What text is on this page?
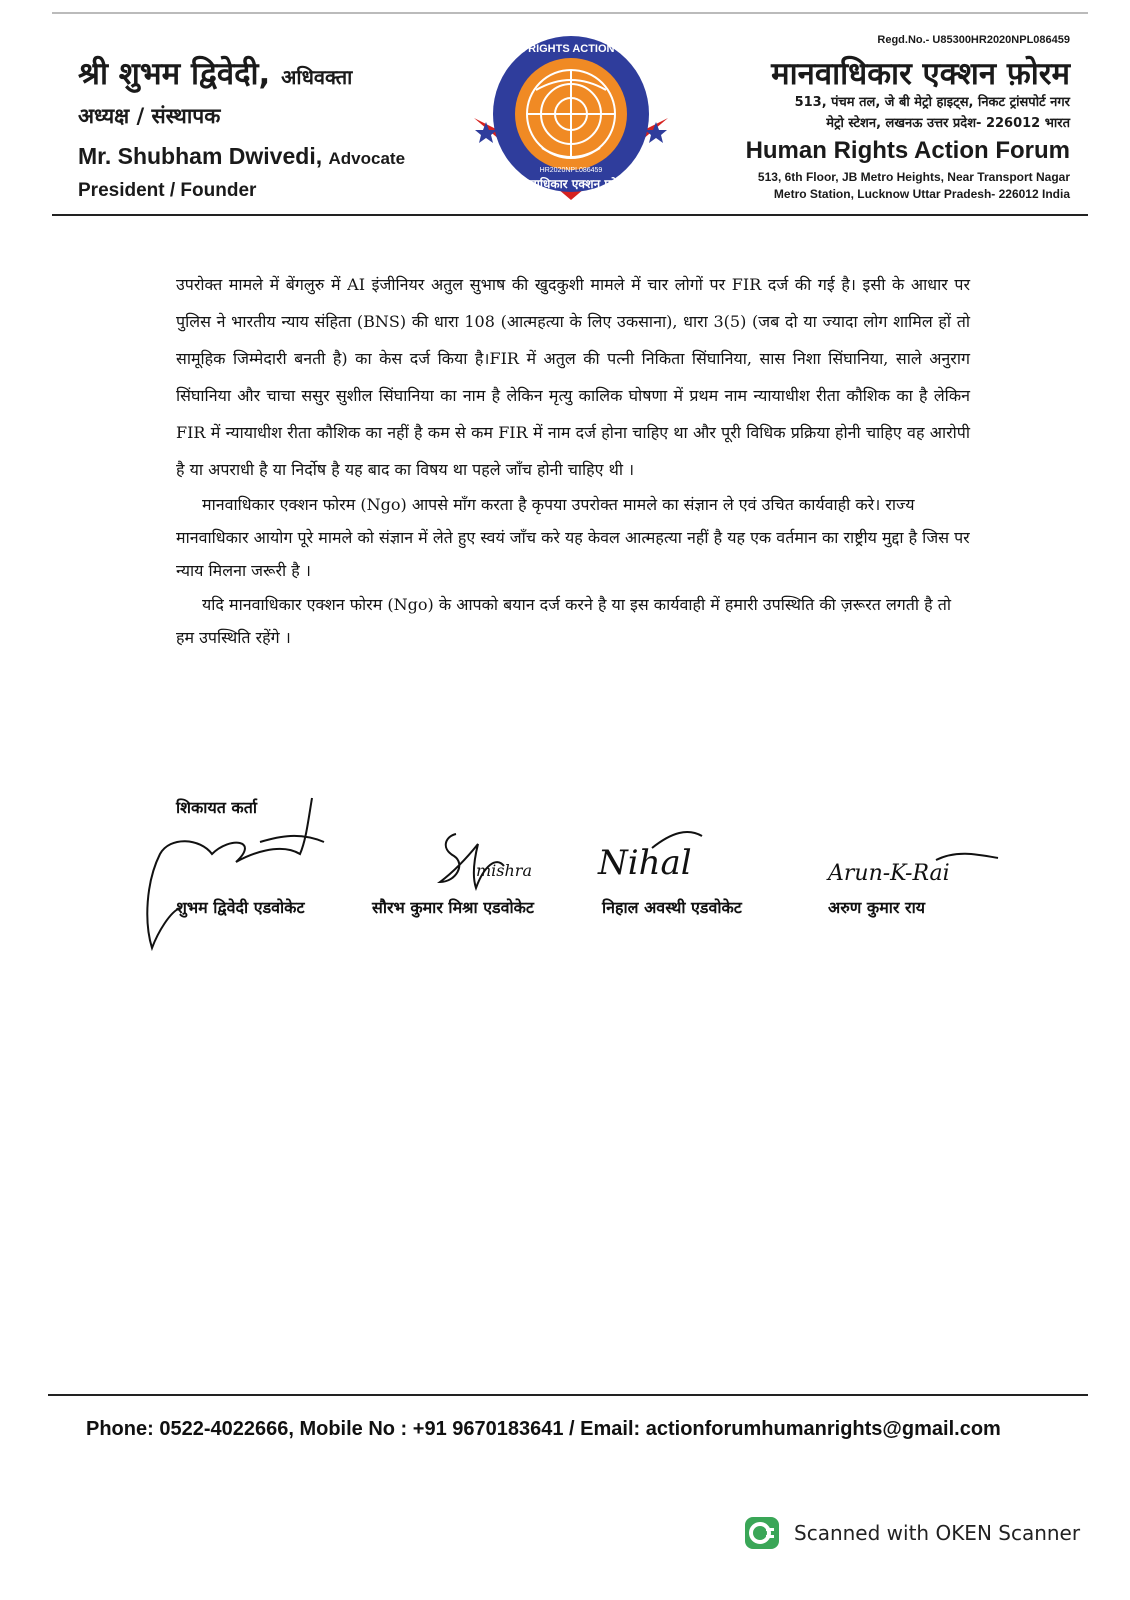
श्री शुभम द्विवेदी, अधिवक्ता
अध्यक्ष / संस्थापक
Mr. Shubham Dwivedi, Advocate
President / Founder
HUMAN RIGHTS ACTION FORUM
मानवाधिकार एक्शन फ़ोरम
HR2020NPL086459
Regd.No.- U85300HR2020NPL086459
मानवाधिकार एक्शन फ़ोरम
513, पंचम तल, जे बी मेट्रो हाइट्स, निकट ट्रांसपोर्ट नगर
मेट्रो स्टेशन, लखनऊ उत्तर प्रदेश- 226012 भारत
Human Rights Action Forum
513, 6th Floor, JB Metro Heights, Near Transport Nagar
Metro Station, Lucknow Uttar Pradesh- 226012 India

उपरोक्त मामले में बेंगलुरु में AI इंजीनियर अतुल सुभाष की खुदकुशी मामले में चार लोगों पर FIR दर्ज की गई है। इसी के आधार पर पुलिस ने भारतीय न्याय संहिता (BNS) की धारा 108 (आत्महत्या के लिए उकसाना), धारा 3(5) (जब दो या ज्यादा लोग शामिल हों तो सामूहिक जिम्मेदारी बनती है) का केस दर्ज किया है।FIR में अतुल की पत्नी निकिता सिंघानिया, सास निशा सिंघानिया, साले अनुराग सिंघानिया और चाचा ससुर सुशील सिंघानिया का नाम है लेकिन मृत्यु कालिक घोषणा में प्रथम नाम न्यायाधीश रीता कौशिक का है लेकिन FIR में न्यायाधीश रीता कौशिक का नहीं है कम से कम FIR में नाम दर्ज होना चाहिए था और पूरी विधिक प्रक्रिया होनी चाहिए वह आरोपी है या अपराधी है या निर्दोष है यह बाद का विषय था पहले जाँच होनी चाहिए थी ।

मानवाधिकार एक्शन फोरम (Ngo) आपसे माँग करता है कृपया उपरोक्त मामले का संज्ञान ले एवं उचित कार्यवाही करे। राज्य मानवाधिकार आयोग पूरे मामले को संज्ञान में लेते हुए स्वयं जाँच करे यह केवल आत्महत्या नहीं है यह एक वर्तमान का राष्ट्रीय मुद्दा है जिस पर न्याय मिलना जरूरी है ।

यदि मानवाधिकार एक्शन फोरम (Ngo) के आपको बयान दर्ज करने है या इस कार्यवाही में हमारी उपस्थिति की ज़रूरत लगती है तो हम उपस्थिति रहेंगे ।

शिकायत कर्ता
mishra Nihal	Arun-K-Rai
शुभम द्विवेदी एडवोकेट	सौरभ कुमार मिश्रा एडवोकेट	निहाल अवस्थी एडवोकेट	अरुण कुमार राय
Phone: 0522-4022666, Mobile No : +91 9670183641 / Email: actionforumhumanrights@gmail.com
Scanned with OKEN Scanner
